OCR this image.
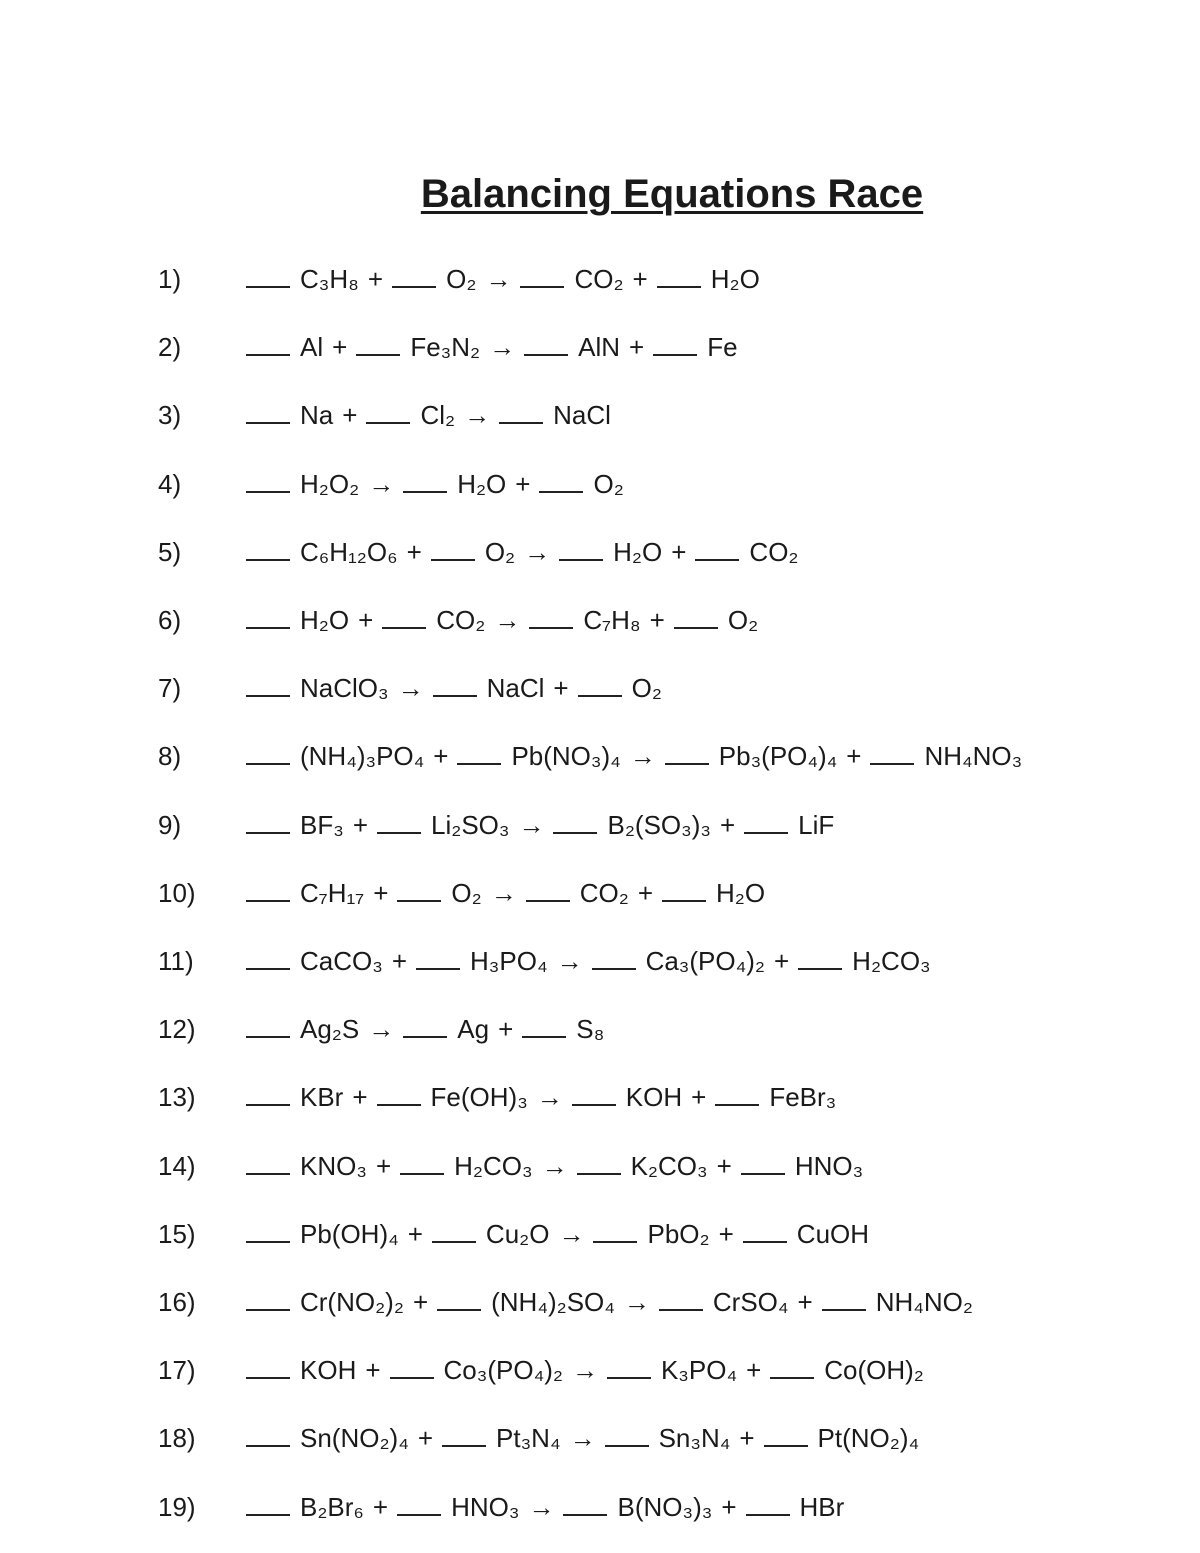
Balancing Equations Race
1)	C₃H₈ + O₂ → CO₂ + H₂O
2)	Al + Fe₃N₂ → AlN + Fe
3)	Na + Cl₂ → NaCl
4)	H₂O₂ → H₂O + O₂
5)	C₆H₁₂O₆ + O₂ → H₂O + CO₂
6)	H₂O + CO₂ → C₇H₈ + O₂
7)	NaClO₃ → NaCl + O₂
8)	(NH₄)₃PO₄ + Pb(NO₃)₄ → Pb₃(PO₄)₄ + NH₄NO₃
9)	BF₃ + Li₂SO₃ → B₂(SO₃)₃ + LiF
10)	C₇H₁₇ + O₂ → CO₂ + H₂O
11)	CaCO₃ + H₃PO₄ → Ca₃(PO₄)₂ + H₂CO₃
12)	Ag₂S → Ag + S₈
13)	KBr + Fe(OH)₃ → KOH + FeBr₃
14)	KNO₃ + H₂CO₃ → K₂CO₃ + HNO₃
15)	Pb(OH)₄ + Cu₂O → PbO₂ + CuOH
16)	Cr(NO₂)₂ + (NH₄)₂SO₄ → CrSO₄ + NH₄NO₂
17)	KOH + Co₃(PO₄)₂ → K₃PO₄ + Co(OH)₂
18)	Sn(NO₂)₄ + Pt₃N₄ → Sn₃N₄ + Pt(NO₂)₄
19)	B₂Br₆ + HNO₃ → B(NO₃)₃ + HBr
